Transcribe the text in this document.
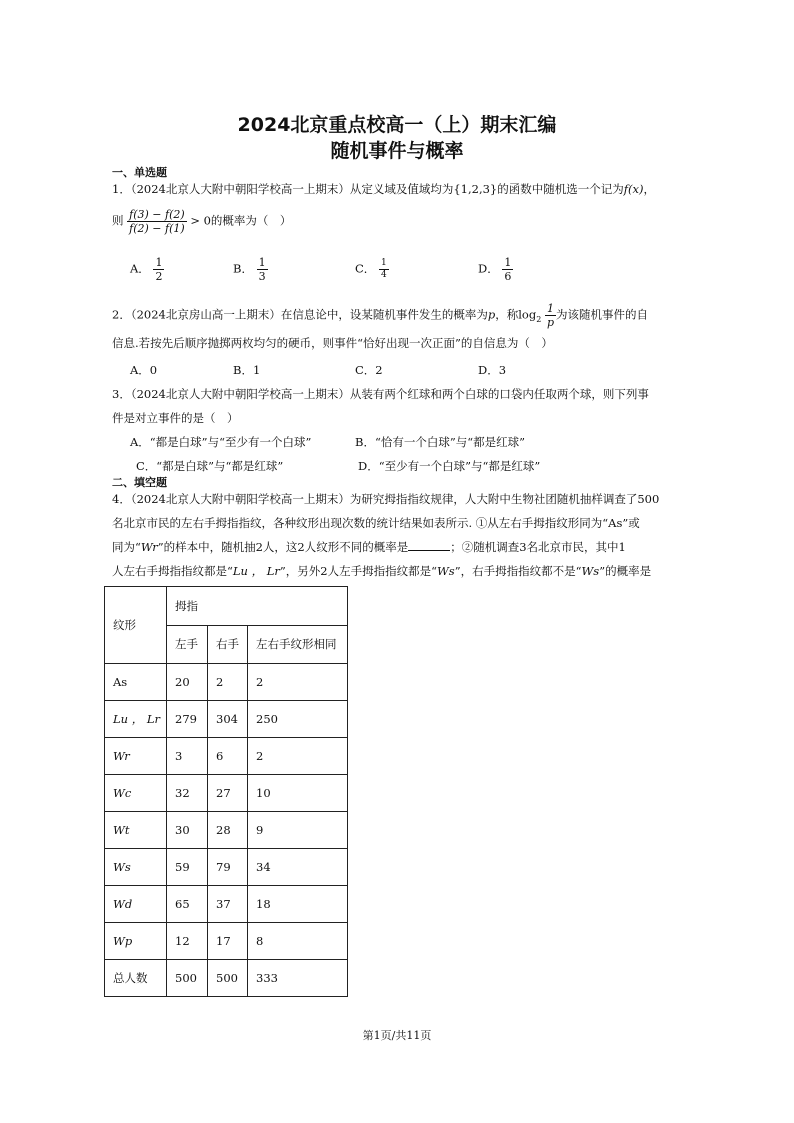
2024北京重点校高一（上）期末汇编
随机事件与概率
一、单选题
1．（2024北京人大附中朝阳学校高一上期末）从定义域及值域均为{1,2,3}的函数中随机选一个记为f(x)，
则 $\frac{f(3) - f(2)}{f(2) - f(1)} > 0$的概率为（　）
A． $\frac{1}{2}$	B． $\frac{1}{3}$	C． $\frac{1}{4}$	D． $\frac{1}{6}$
2．（2024北京房山高一上期末）在信息论中，设某随机事件发生的概率为p，称$\log_2 \frac{1}{p}$ 为该随机事件的自
信息.若按先后顺序抛掷两枚均匀的硬币，则事件“恰好出现一次正面”的自信息为（　）
A．0	B．1	C．2	D．3
3．（2024北京人大附中朝阳学校高一上期末）从装有两个红球和两个白球的口袋内任取两个球，则下列事
件是对立事件的是（　）
A．“都是白球”与“至少有一个白球”	B．“恰有一个白球”与“都是红球”
C．“都是白球”与“都是红球”	D．“至少有一个白球”与“都是红球”
二、填空题
4．（2024北京人大附中朝阳学校高一上期末）为研究拇指指纹规律，人大附中生物社团随机抽样调查了500
名北京市民的左右手拇指指纹，各种纹形出现次数的统计结果如表所示. ①从左右手拇指纹形同为“As”或
同为“Wr”的样本中，随机抽2人，这2人纹形不同的概率是	；②随机调查3名北京市民，其中1
人左右手拇指指纹都是“Lu ， Lr”，另外2人左手拇指指纹都是“Ws”，右手拇指指纹都不是“Ws”的概率是
纹形	拇指		
	左手	右手	左右手纹形相同
As	20	2	2
Lu ， Lr	279	304	250
Wr	3	6	2
Wc	32	27	10
Wt	30	28	9
Ws	59	79	34
Wd	65	37	18
Wp	12	17	8
总人数	500	500	333
第1页/共11页
